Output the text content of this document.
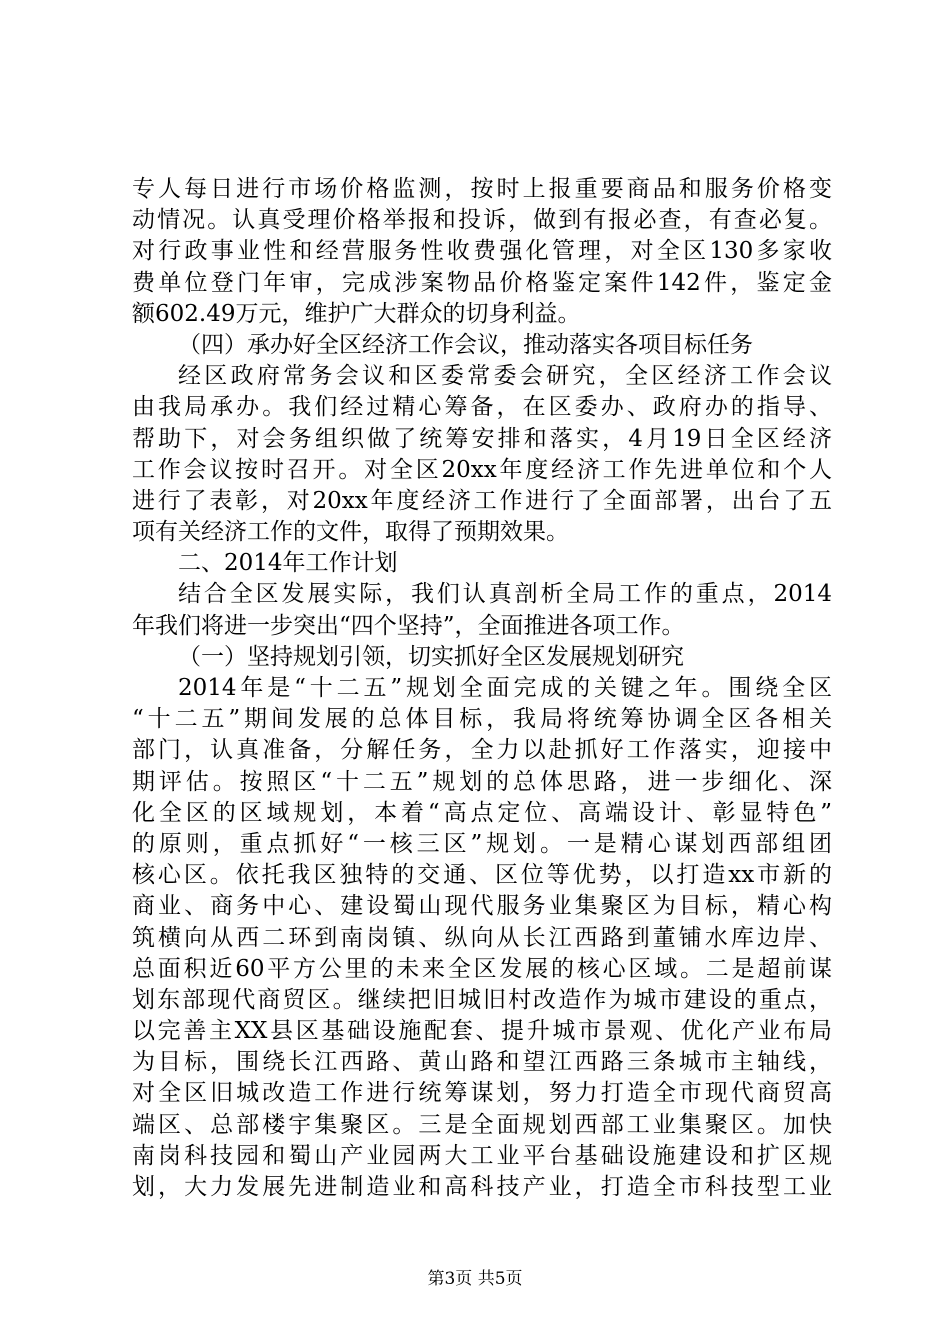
专人每日进行市场价格监测，按时上报重要商品和服务价格变
动情况。认真受理价格举报和投诉，做到有报必查，有查必复。
对行政事业性和经营服务性收费强化管理，对全区130多家收
费单位登门年审，完成涉案物品价格鉴定案件142件，鉴定金
额602.49万元，维护广大群众的切身利益。
（四）承办好全区经济工作会议，推动落实各项目标任务
经区政府常务会议和区委常委会研究，全区经济工作会议
由我局承办。我们经过精心筹备，在区委办、政府办的指导、
帮助下，对会务组织做了统筹安排和落实，4月19日全区经济
工作会议按时召开。对全区20xx年度经济工作先进单位和个人
进行了表彰，对20xx年度经济工作进行了全面部署，出台了五
项有关经济工作的文件，取得了预期效果。
二、2014年工作计划
结合全区发展实际，我们认真剖析全局工作的重点，2014
年我们将进一步突出“四个坚持”，全面推进各项工作。
（一）坚持规划引领，切实抓好全区发展规划研究
2014年是“十二五”规划全面完成的关键之年。围绕全区
“十二五”期间发展的总体目标，我局将统筹协调全区各相关
部门，认真准备，分解任务，全力以赴抓好工作落实，迎接中
期评估。按照区“十二五”规划的总体思路，进一步细化、深
化全区的区域规划，本着“高点定位、高端设计、彰显特色”
的原则，重点抓好“一核三区”规划。一是精心谋划西部组团
核心区。依托我区独特的交通、区位等优势，以打造xx市新的
商业、商务中心、建设蜀山现代服务业集聚区为目标，精心构
筑横向从西二环到南岗镇、纵向从长江西路到董铺水库边岸、
总面积近60平方公里的未来全区发展的核心区域。二是超前谋
划东部现代商贸区。继续把旧城旧村改造作为城市建设的重点，
以完善主XX县区基础设施配套、提升城市景观、优化产业布局
为目标，围绕长江西路、黄山路和望江西路三条城市主轴线，
对全区旧城改造工作进行统筹谋划，努力打造全市现代商贸高
端区、总部楼宇集聚区。三是全面规划西部工业集聚区。加快
南岗科技园和蜀山产业园两大工业平台基础设施建设和扩区规
划，大力发展先进制造业和高科技产业，打造全市科技型工业
第3页 共5页
